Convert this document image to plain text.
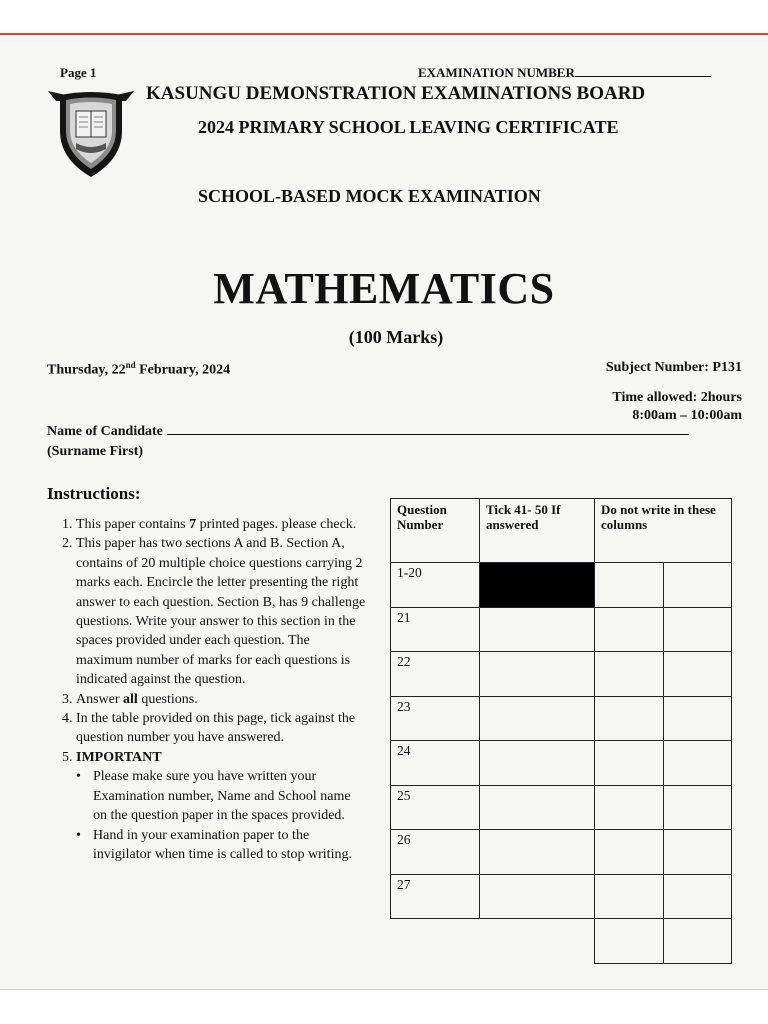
Page 1	EXAMINATION NUMBER
KASUNGU DEMONSTRATION EXAMINATIONS BOARD
2024 PRIMARY SCHOOL LEAVING CERTIFICATE
SCHOOL-BASED MOCK EXAMINATION
MATHEMATICS
(100 Marks)
Thursday, 22nd February, 2024	Subject Number: P131
Time allowed: 2hours
8:00am – 10:00am
Name of Candidate
(Surname First)
Instructions:
1. This paper contains 7 printed pages. please check.
2. This paper has two sections A and B. Section A, contains of 20 multiple choice questions carrying 2 marks each. Encircle the letter presenting the right answer to each question. Section B, has 9 challenge questions. Write your answer to this section in the spaces provided under each question. The maximum number of marks for each questions is indicated against the question.
3. Answer all questions.
4. In the table provided on this page, tick against the question number you have answered.
5. IMPORTANT
• Please make sure you have written your Examination number, Name and School name on the question paper in the spaces provided.
• Hand in your examination paper to the invigilator when time is called to stop writing.
Question Number	Tick 41- 50 If answered	Do not write in these columns	
1-20			
21			
22			
23			
24			
25			
26			
27			
